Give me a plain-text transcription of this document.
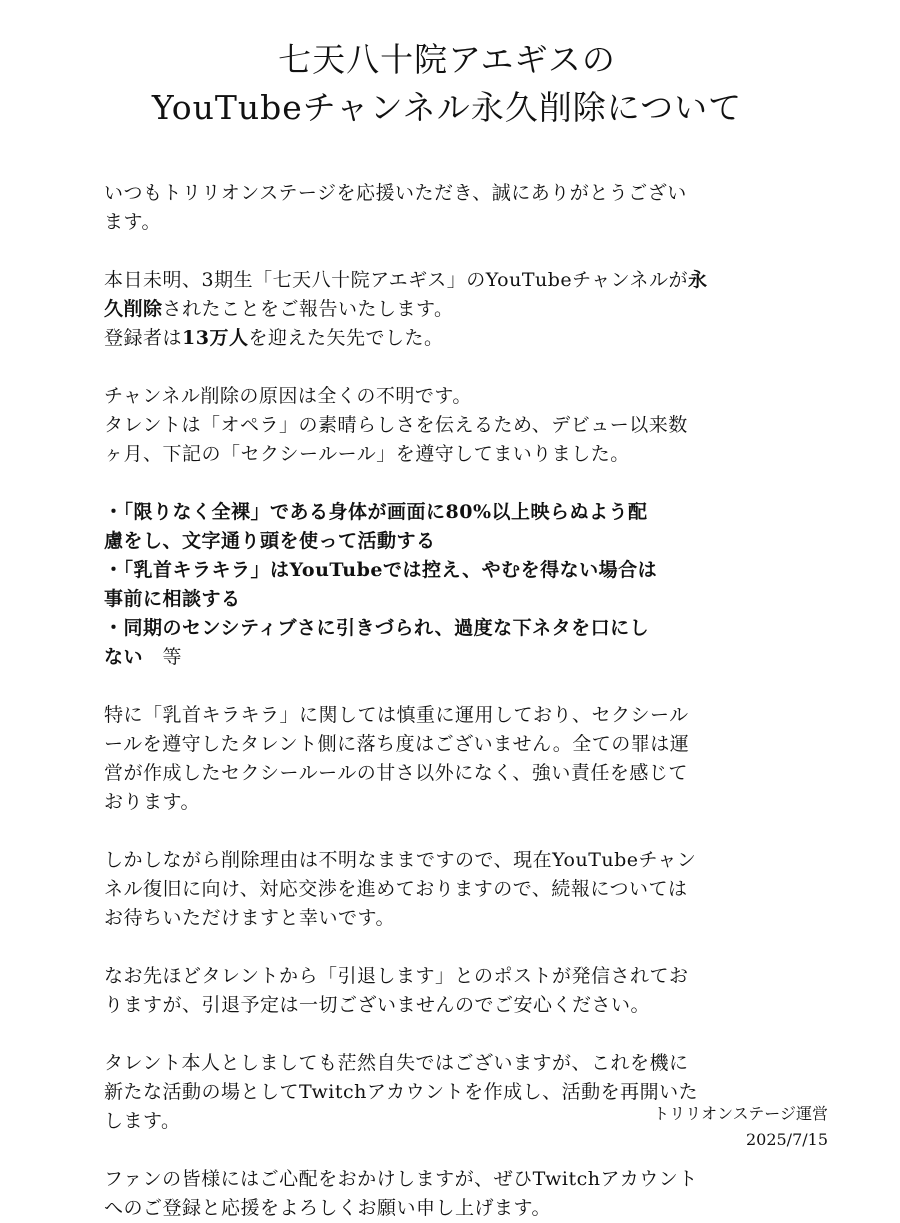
七天八十院アエギスの
YouTubeチャンネル永久削除について

いつもトリリオンステージを応援いただき、誠にありがとうござい
ます。

本日未明、3期生「七天八十院アエギス」のYouTubeチャンネルが永
久削除されたことをご報告いたします。
登録者は13万人を迎えた矢先でした。

チャンネル削除の原因は全くの不明です。
タレントは「オペラ」の素晴らしさを伝えるため、デビュー以来数
ヶ月、下記の「セクシールール」を遵守してまいりました。

・「限りなく全裸」である身体が画面に80%以上映らぬよう配
慮をし、文字通り頭を使って活動する
・「乳首キラキラ」はYouTubeでは控え、やむを得ない場合は
事前に相談する
・同期のセンシティブさに引きづられ、過度な下ネタを口にし
ない　等

特に「乳首キラキラ」に関しては慎重に運用しており、セクシール
ールを遵守したタレント側に落ち度はございません。全ての罪は運
営が作成したセクシールールの甘さ以外になく、強い責任を感じて
おります。

しかしながら削除理由は不明なままですので、現在YouTubeチャン
ネル復旧に向け、対応交渉を進めておりますので、続報については
お待ちいただけますと幸いです。

なお先ほどタレントから「引退します」とのポストが発信されてお
りますが、引退予定は一切ございませんのでご安心ください。

タレント本人としましても茫然自失ではございますが、これを機に
新たな活動の場としてTwitchアカウントを作成し、活動を再開いた
します。

ファンの皆様にはご心配をおかけしますが、ぜひTwitchアカウント
へのご登録と応援をよろしくお願い申し上げます。

トリリオンステージ運営
2025/7/15
